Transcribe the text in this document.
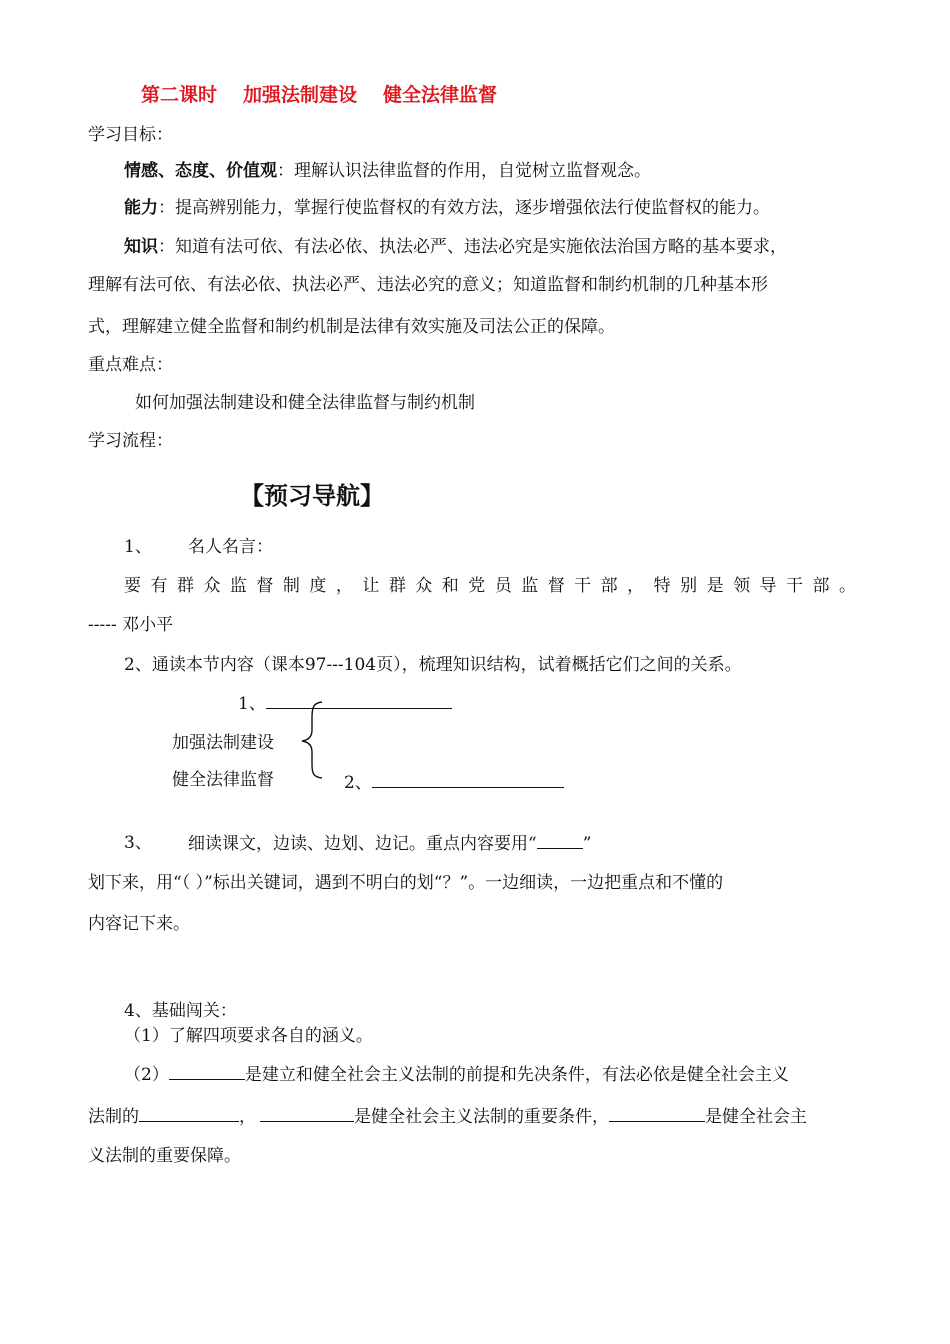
第二课时 加强法制建设 健全法律监督
学习目标：
情感、态度、价值观：理解认识法律监督的作用，自觉树立监督观念。
能力：提高辨别能力，掌握行使监督权的有效方法，逐步增强依法行使监督权的能力。
知识：知道有法可依、有法必依、执法必严、违法必究是实施依法治国方略的基本要求，
理解有法可依、有法必依、执法必严、违法必究的意义；知道监督和制约机制的几种基本形
式，理解建立健全监督和制约机制是法律有效实施及司法公正的保障。
重点难点：
如何加强法制建设和健全法律监督与制约机制
学习流程：
【预习导航】
1、 名人名言：
要有群众监督制度，让群众和党员监督干部，特别是领导干部。
----- 邓小平
2、通读本节内容（课本97---104页），梳理知识结构，试着概括它们之间的关系。
1、
加强法制建设
健全法律监督	2、
3、 细读课文，边读、边划、边记。重点内容要用“	”
划下来，用“（ ）”标出关键词，遇到不明白的划“？”。一边细读，一边把重点和不懂的
内容记下来。
4、基础闯关：
（1）了解四项要求各自的涵义。
（2）	是建立和健全社会主义法制的前提和先决条件，有法必依是健全社会主义
法制的	，	是健全社会主义法制的重要条件，	是健全社会主
义法制的重要保障。
